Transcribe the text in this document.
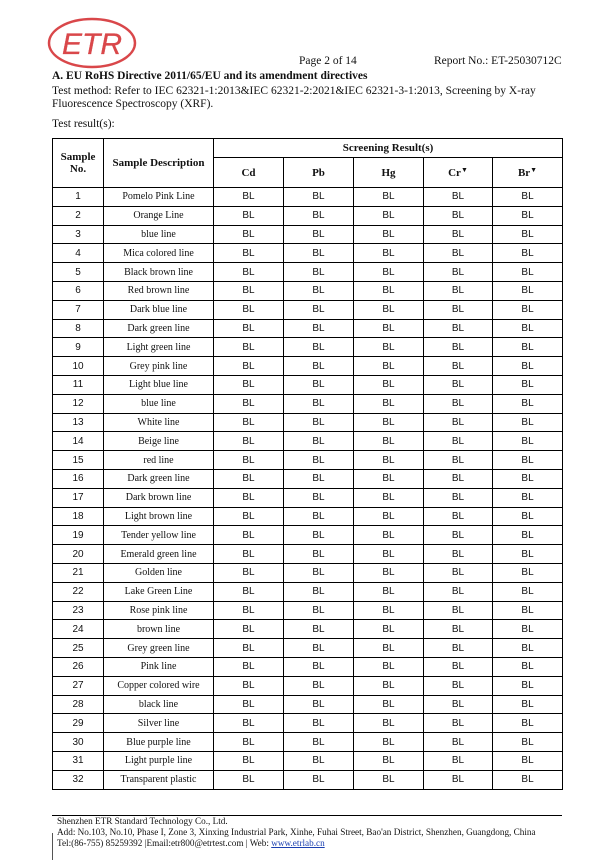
ETR	Page 2 of 14	Report No.: ET-25030712C
A. EU RoHS Directive 2011/65/EU and its amendment directives
Test method: Refer to IEC 62321-1:2013&IEC 62321-2:2021&IEC 62321-3-1:2013, Screening by X-ray Fluorescence Spectroscopy (XRF).
Test result(s):
Sample No.	Sample Description	Screening Result(s)				
		Cd	Pb	Hg	Cr▼	Br▼
1	Pomelo Pink Line	BL	BL	BL	BL	BL
2	Orange Line	BL	BL	BL	BL	BL
3	blue line	BL	BL	BL	BL	BL
4	Mica colored line	BL	BL	BL	BL	BL
5	Black brown line	BL	BL	BL	BL	BL
6	Red brown line	BL	BL	BL	BL	BL
7	Dark blue line	BL	BL	BL	BL	BL
8	Dark green line	BL	BL	BL	BL	BL
9	Light green line	BL	BL	BL	BL	BL
10	Grey pink line	BL	BL	BL	BL	BL
11	Light blue line	BL	BL	BL	BL	BL
12	blue line	BL	BL	BL	BL	BL
13	White line	BL	BL	BL	BL	BL
14	Beige line	BL	BL	BL	BL	BL
15	red line	BL	BL	BL	BL	BL
16	Dark green line	BL	BL	BL	BL	BL
17	Dark brown line	BL	BL	BL	BL	BL
18	Light brown line	BL	BL	BL	BL	BL
19	Tender yellow line	BL	BL	BL	BL	BL
20	Emerald green line	BL	BL	BL	BL	BL
21	Golden line	BL	BL	BL	BL	BL
22	Lake Green Line	BL	BL	BL	BL	BL
23	Rose pink line	BL	BL	BL	BL	BL
24	brown line	BL	BL	BL	BL	BL
25	Grey green line	BL	BL	BL	BL	BL
26	Pink line	BL	BL	BL	BL	BL
27	Copper colored wire	BL	BL	BL	BL	BL
28	black line	BL	BL	BL	BL	BL
29	Silver line	BL	BL	BL	BL	BL
30	Blue purple line	BL	BL	BL	BL	BL
31	Light purple line	BL	BL	BL	BL	BL
32	Transparent plastic	BL	BL	BL	BL	BL
Shenzhen ETR Standard Technology Co., Ltd.
Add: No.103, No.10, Phase I, Zone 3, Xinxing Industrial Park, Xinhe, Fuhai Street, Bao'an District, Shenzhen, Guangdong, China
Tel:(86-755) 85259392 |Email:etr800@etrtest.com | Web: www.etrlab.cn
